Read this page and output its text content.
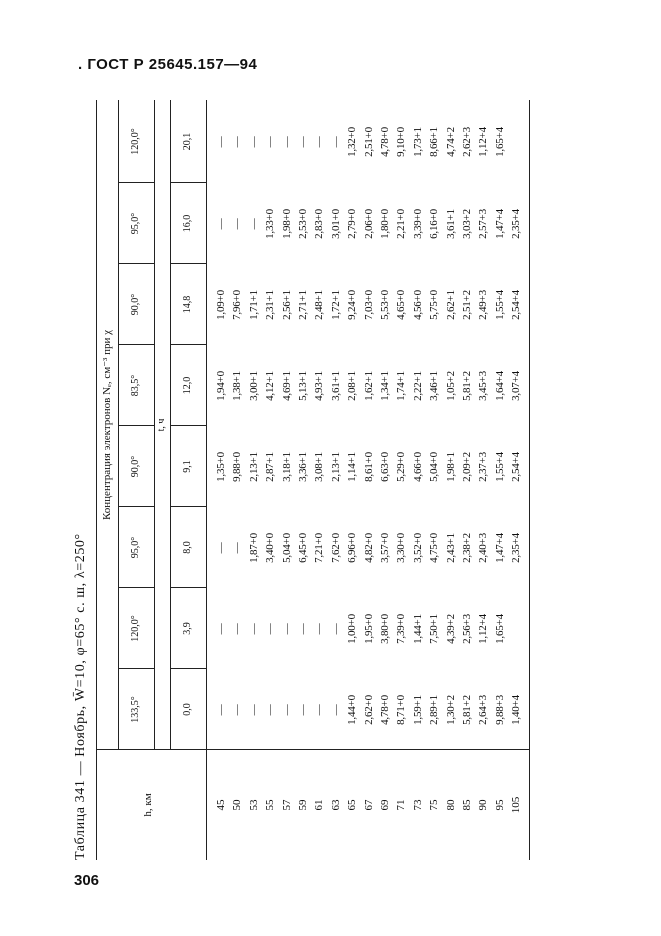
. ГОСТ Р 25645.157—94
Таблица 341 — Ноябрь, W̄=10, φ=65° с. ш, λ=250°	h, км
Концентрация электронов Nₑ, см⁻³ при χ	t, ч
133,5°
120,0°
95,0°
90,0°
83,5°
90,0°
95,0°
120,0°
0,0
3,9
8,0
9,1
12,0
14,8
16,0
20,1
45
—
—
—
1,35+0
1,94+0
1,09+0
—
—
50
—
—
—
9,88+0
1,38+1
7,96+0
—
—
53
—
—
1,87+0
2,13+1
3,00+1
1,71+1
—
—
55
—
—
3,40+0
2,87+1
4,12+1
2,31+1
1,33+0
—
57
—
—
5,04+0
3,18+1
4,69+1
2,56+1
1,98+0
—
59
—
—
6,45+0
3,36+1
5,13+1
2,71+1
2,53+0
—
61
—
—
7,21+0
3,08+1
4,93+1
2,48+1
2,83+0
—
63
—
—
7,62+0
2,13+1
3,61+1
1,72+1
3,01+0
—
65
1,44+0
1,00+0
6,96+0
1,14+1
2,08+1
9,24+0
2,79+0
1,32+0
67
2,62+0
1,95+0
4,82+0
8,61+0
1,62+1
7,03+0
2,06+0
2,51+0
69
4,78+0
3,80+0
3,57+0
6,63+0
1,34+1
5,53+0
1,80+0
4,78+0
71
8,71+0
7,39+0
3,30+0
5,29+0
1,74+1
4,65+0
2,21+0
9,10+0
73
1,59+1
1,44+1
3,52+0
4,66+0
2,22+1
4,56+0
3,39+0
1,73+1
75
2,89+1
7,50+1
4,75+0
5,04+0
3,46+1
5,75+0
6,16+0
8,66+1
80
1,30+2
4,39+2
2,43+1
1,98+1
1,05+2
2,62+1
3,61+1
4,74+2
85
5,81+2
2,56+3
2,38+2
2,09+2
5,81+2
2,51+2
3,03+2
2,62+3
90
2,64+3
1,12+4
2,40+3
2,37+3
3,45+3
2,49+3
2,57+3
1,12+4
95
9,88+3
1,65+4
1,47+4
1,55+4
1,64+4
1,55+4
1,47+4
1,65+4
105
1,40+4
2,35+4
2,54+4
3,07+4
2,54+4
2,35+4
306
